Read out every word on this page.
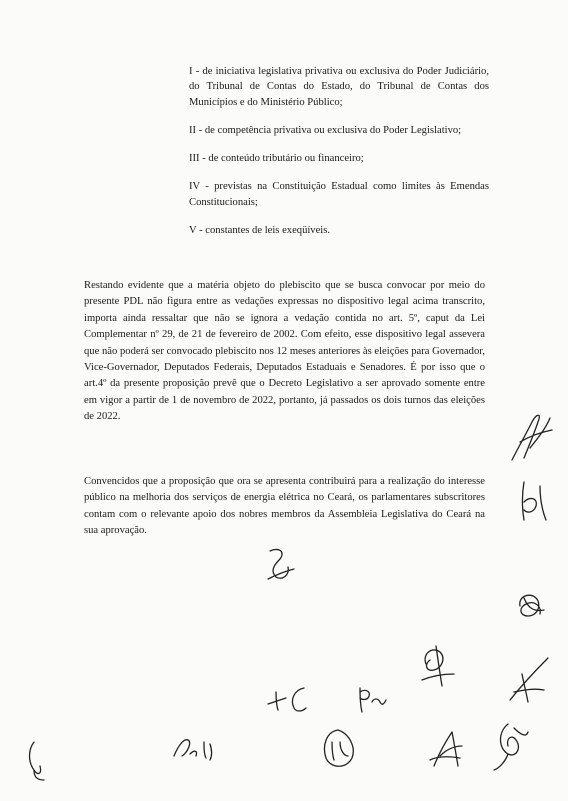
I - de iniciativa legislativa privativa ou exclusiva do Poder Judiciário, do Tribunal de Contas do Estado, do Tribunal de Contas dos Municípios e do Ministério Público;

II - de competência privativa ou exclusiva do Poder Legislativo;

III - de conteúdo tributário ou financeiro;

IV - previstas na Constituição Estadual como limites às Emendas Constitucionais;

V - constantes de leis exeqüíveis.

Restando evidente que a matéria objeto do plebiscito que se busca convocar por meio do presente PDL não figura entre as vedações expressas no dispositivo legal acima transcrito, importa ainda ressaltar que não se ignora a vedação contida no art. 5º, caput da Lei Complementar nº 29, de 21 de fevereiro de 2002. Com efeito, esse dispositivo legal assevera que não poderá ser convocado plebiscito nos 12 meses anteriores às eleições para Governador, Vice-Governador, Deputados Federais, Deputados Estaduais e Senadores. É por isso que o art.4º da presente proposição prevê que o Decreto Legislativo a ser aprovado somente entre em vigor a partir de 1 de novembro de 2022, portanto, já passados os dois turnos das eleições de 2022.

Convencidos que a proposição que ora se apresenta contribuirá para a realização do interesse público na melhoria dos serviços de energia elétrica no Ceará, os parlamentares subscritores contam com o relevante apoio dos nobres membros da Assembleia Legislativa do Ceará na sua aprovação.
